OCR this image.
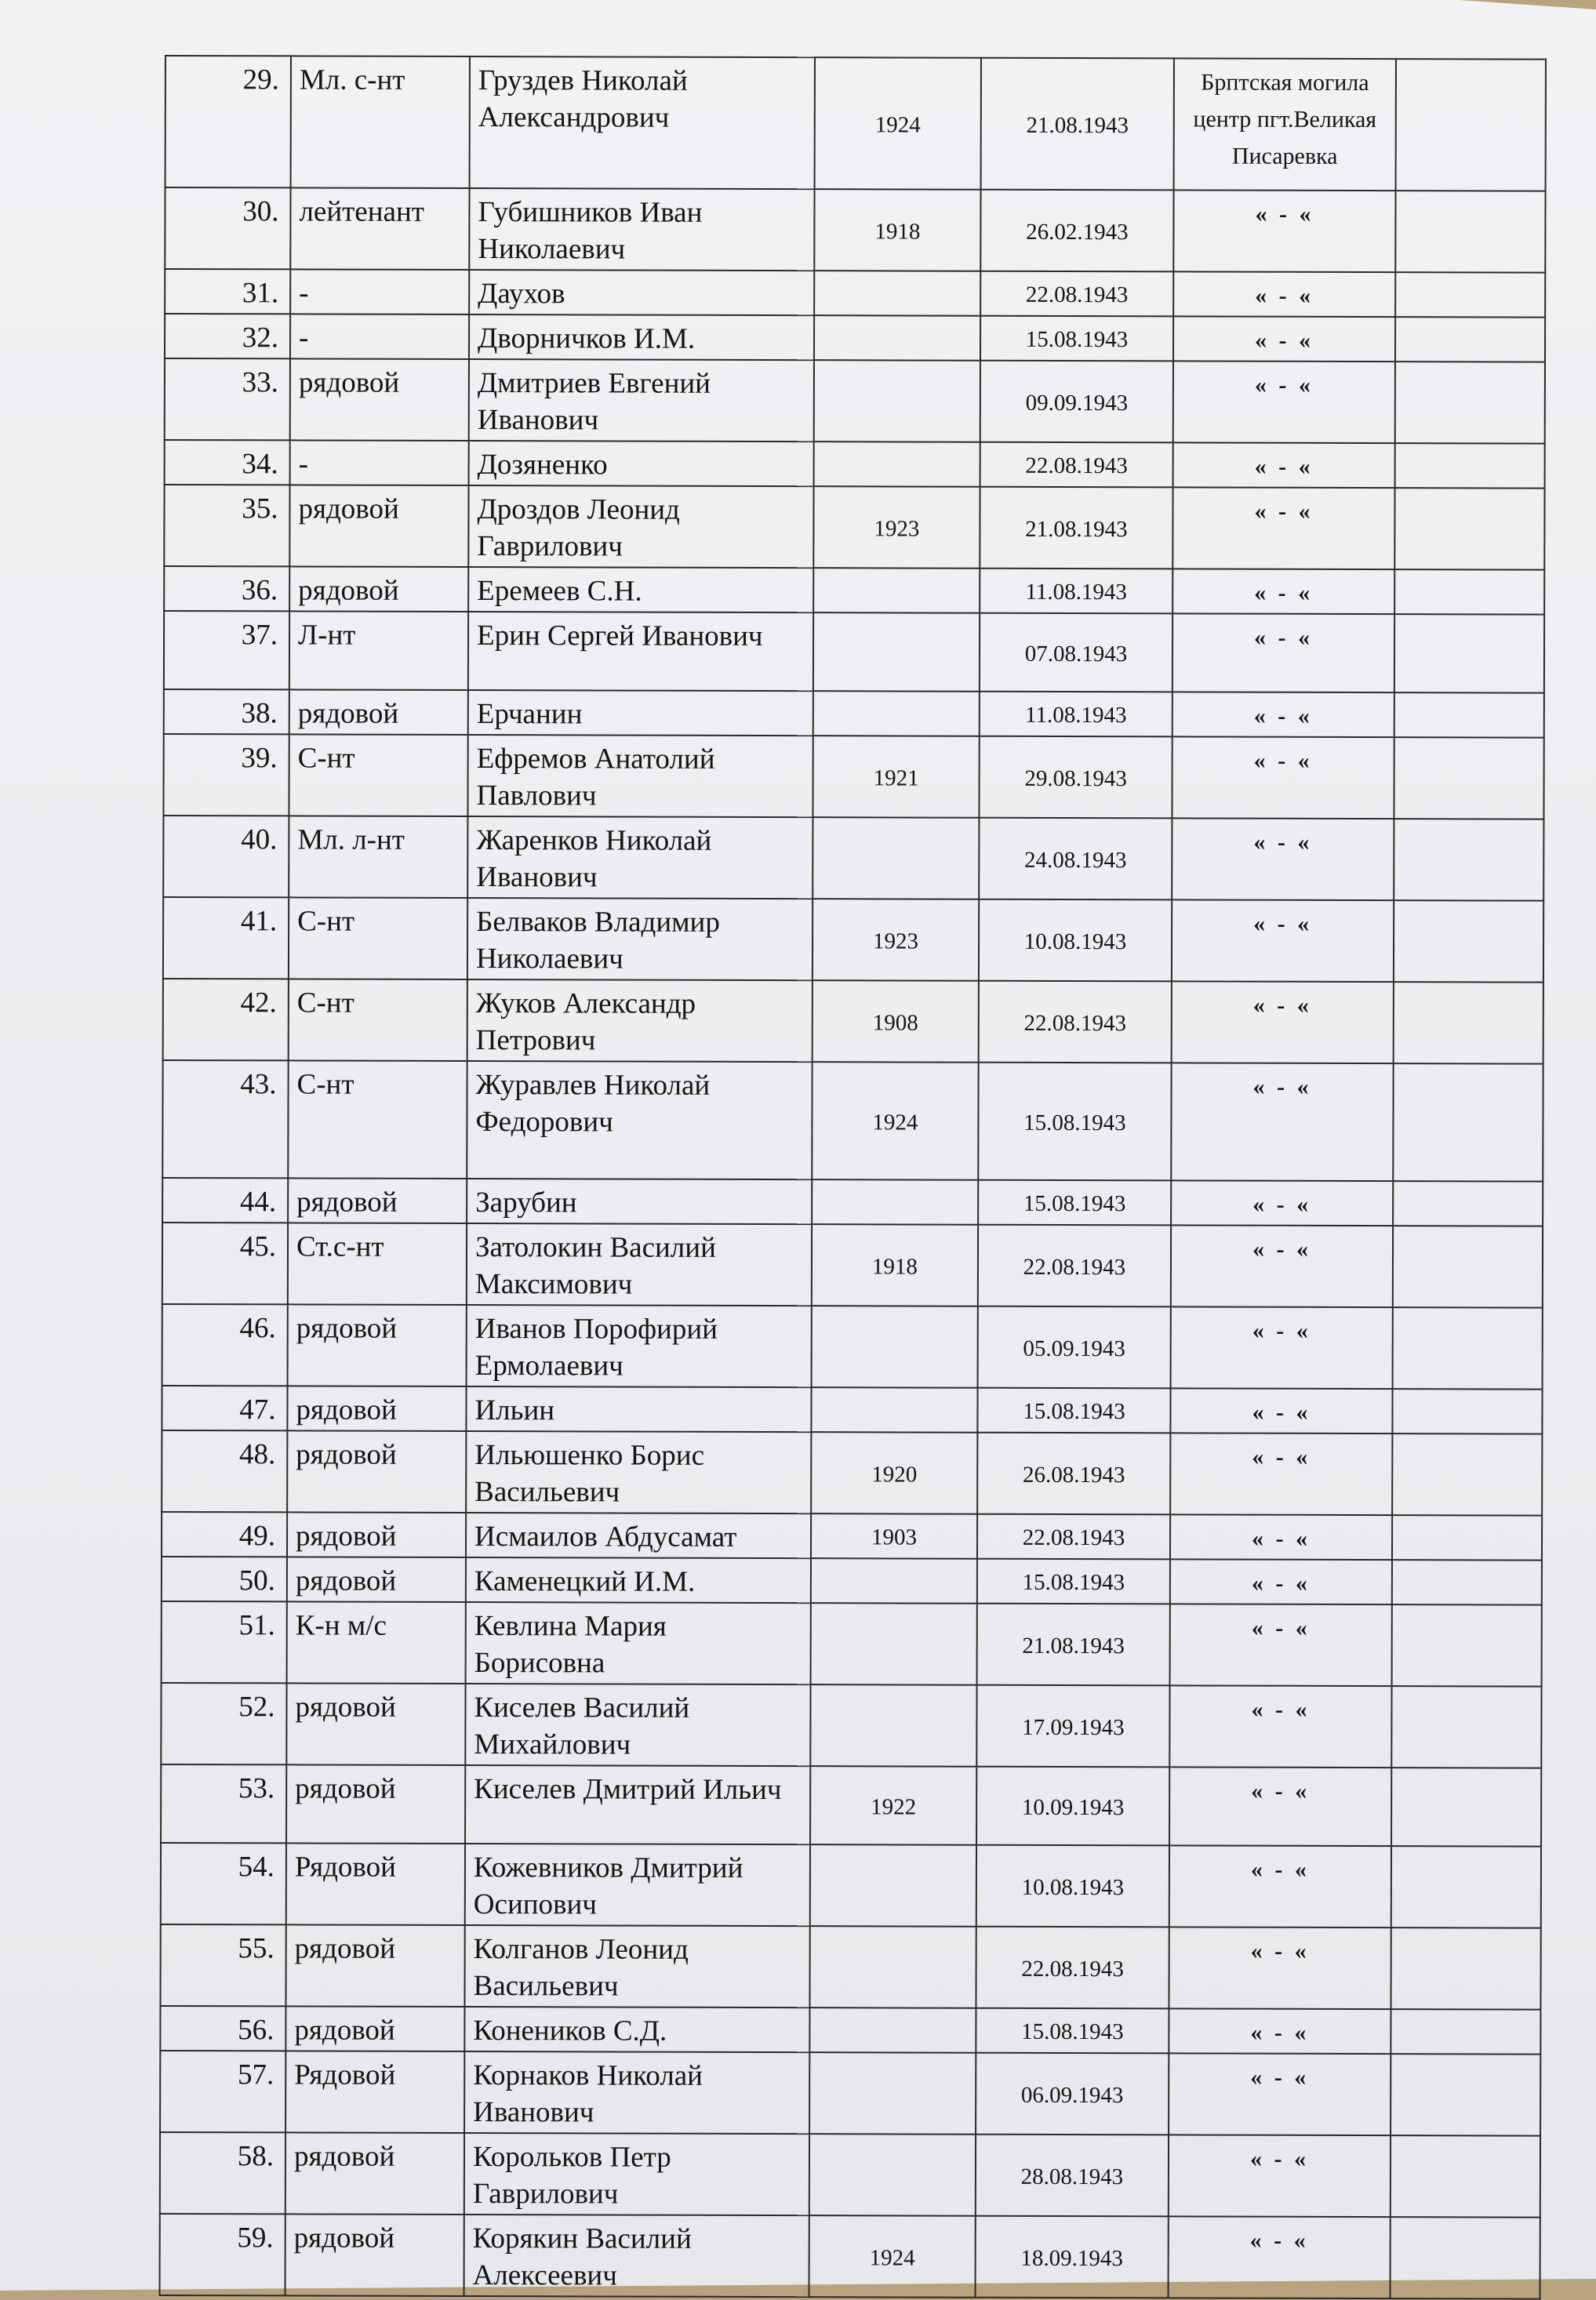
29.	Мл. с-нт	Груздев Николай Александрович	1924	21.08.1943	Брптская могила центр пгт.Великая Писаревка	
30.	лейтенант	Губишников Иван Николаевич	1918	26.02.1943	« - «	
31.	-	Даухов		22.08.1943	« - «	
32.	-	Дворничков И.М.		15.08.1943	« - «	
33.	рядовой	Дмитриев Евгений Иванович		09.09.1943	« - «	
34.	-	Дозяненко		22.08.1943	« - «	
35.	рядовой	Дроздов Леонид Гаврилович	1923	21.08.1943	« - «	
36.	рядовой	Еремеев С.Н.		11.08.1943	« - «	
37.	Л-нт	Ерин Сергей Иванович		07.08.1943	« - «	
38.	рядовой	Ерчанин		11.08.1943	« - «	
39.	С-нт	Ефремов Анатолий Павлович	1921	29.08.1943	« - «	
40.	Мл. л-нт	Жаренков Николай Иванович		24.08.1943	« - «	
41.	С-нт	Белваков Владимир Николаевич	1923	10.08.1943	« - «	
42.	С-нт	Жуков Александр Петрович	1908	22.08.1943	« - «	
43.	С-нт	Журавлев Николай Федорович	1924	15.08.1943	« - «	
44.	рядовой	Зарубин		15.08.1943	« - «	
45.	Ст.с-нт	Затолокин Василий Максимович	1918	22.08.1943	« - «	
46.	рядовой	Иванов Порофирий Ермолаевич		05.09.1943	« - «	
47.	рядовой	Ильин		15.08.1943	« - «	
48.	рядовой	Ильюшенко Борис Васильевич	1920	26.08.1943	« - «	
49.	рядовой	Исмаилов Абдусамат	1903	22.08.1943	« - «	
50.	рядовой	Каменецкий И.М.		15.08.1943	« - «	
51.	К-н м/с	Кевлина Мария Борисовна		21.08.1943	« - «	
52.	рядовой	Киселев Василий Михайлович		17.09.1943	« - «	
53.	рядовой	Киселев Дмитрий Ильич	1922	10.09.1943	« - «	
54.	Рядовой	Кожевников Дмитрий Осипович		10.08.1943	« - «	
55.	рядовой	Колганов Леонид Васильевич		22.08.1943	« - «	
56.	рядовой	Конеников С.Д.		15.08.1943	« - «	
57.	Рядовой	Корнаков Николай Иванович		06.09.1943	« - «	
58.	рядовой	Корольков Петр Гаврилович		28.08.1943	« - «	
59.	рядовой	Корякин Василий Алексеевич	1924	18.09.1943	« - «	
